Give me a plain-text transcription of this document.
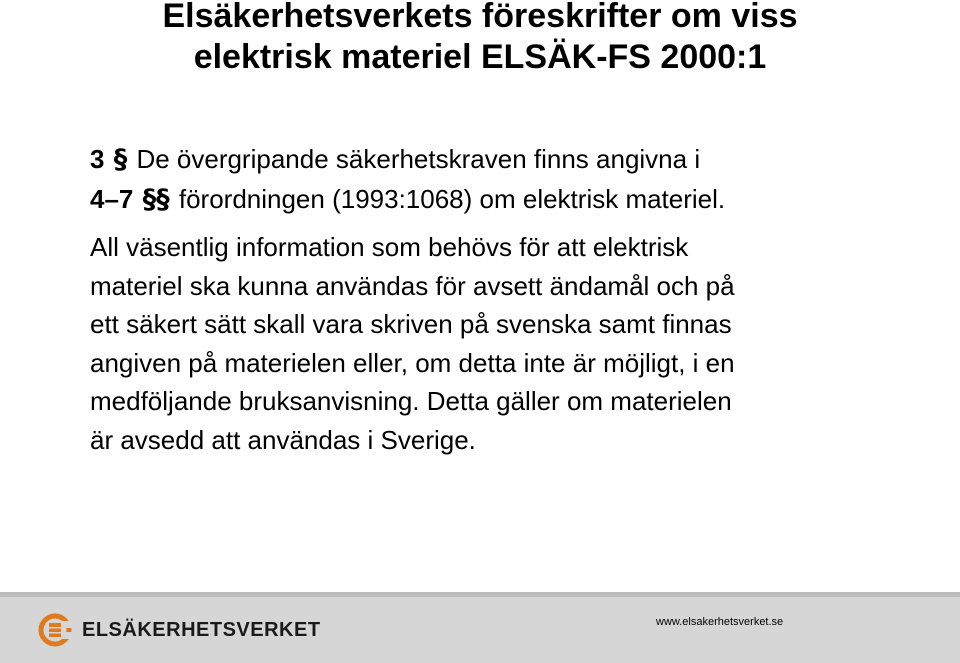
Elsäkerhetsverkets föreskrifter om viss
elektrisk materiel ELSÄK-FS 2000:1
3 § De övergripande säkerhetskraven finns angivna i
4–7 §§ förordningen (1993:1068) om elektrisk materiel.

All väsentlig information som behövs för att elektrisk
materiel ska kunna användas för avsett ändamål och på
ett säkert sätt skall vara skriven på svenska samt finnas
angiven på materielen eller, om detta inte är möjligt, i en
medföljande bruksanvisning. Detta gäller om materielen
är avsedd att användas i Sverige.

ELSÄKERHETSVERKET	www.elsakerhetsverket.se
